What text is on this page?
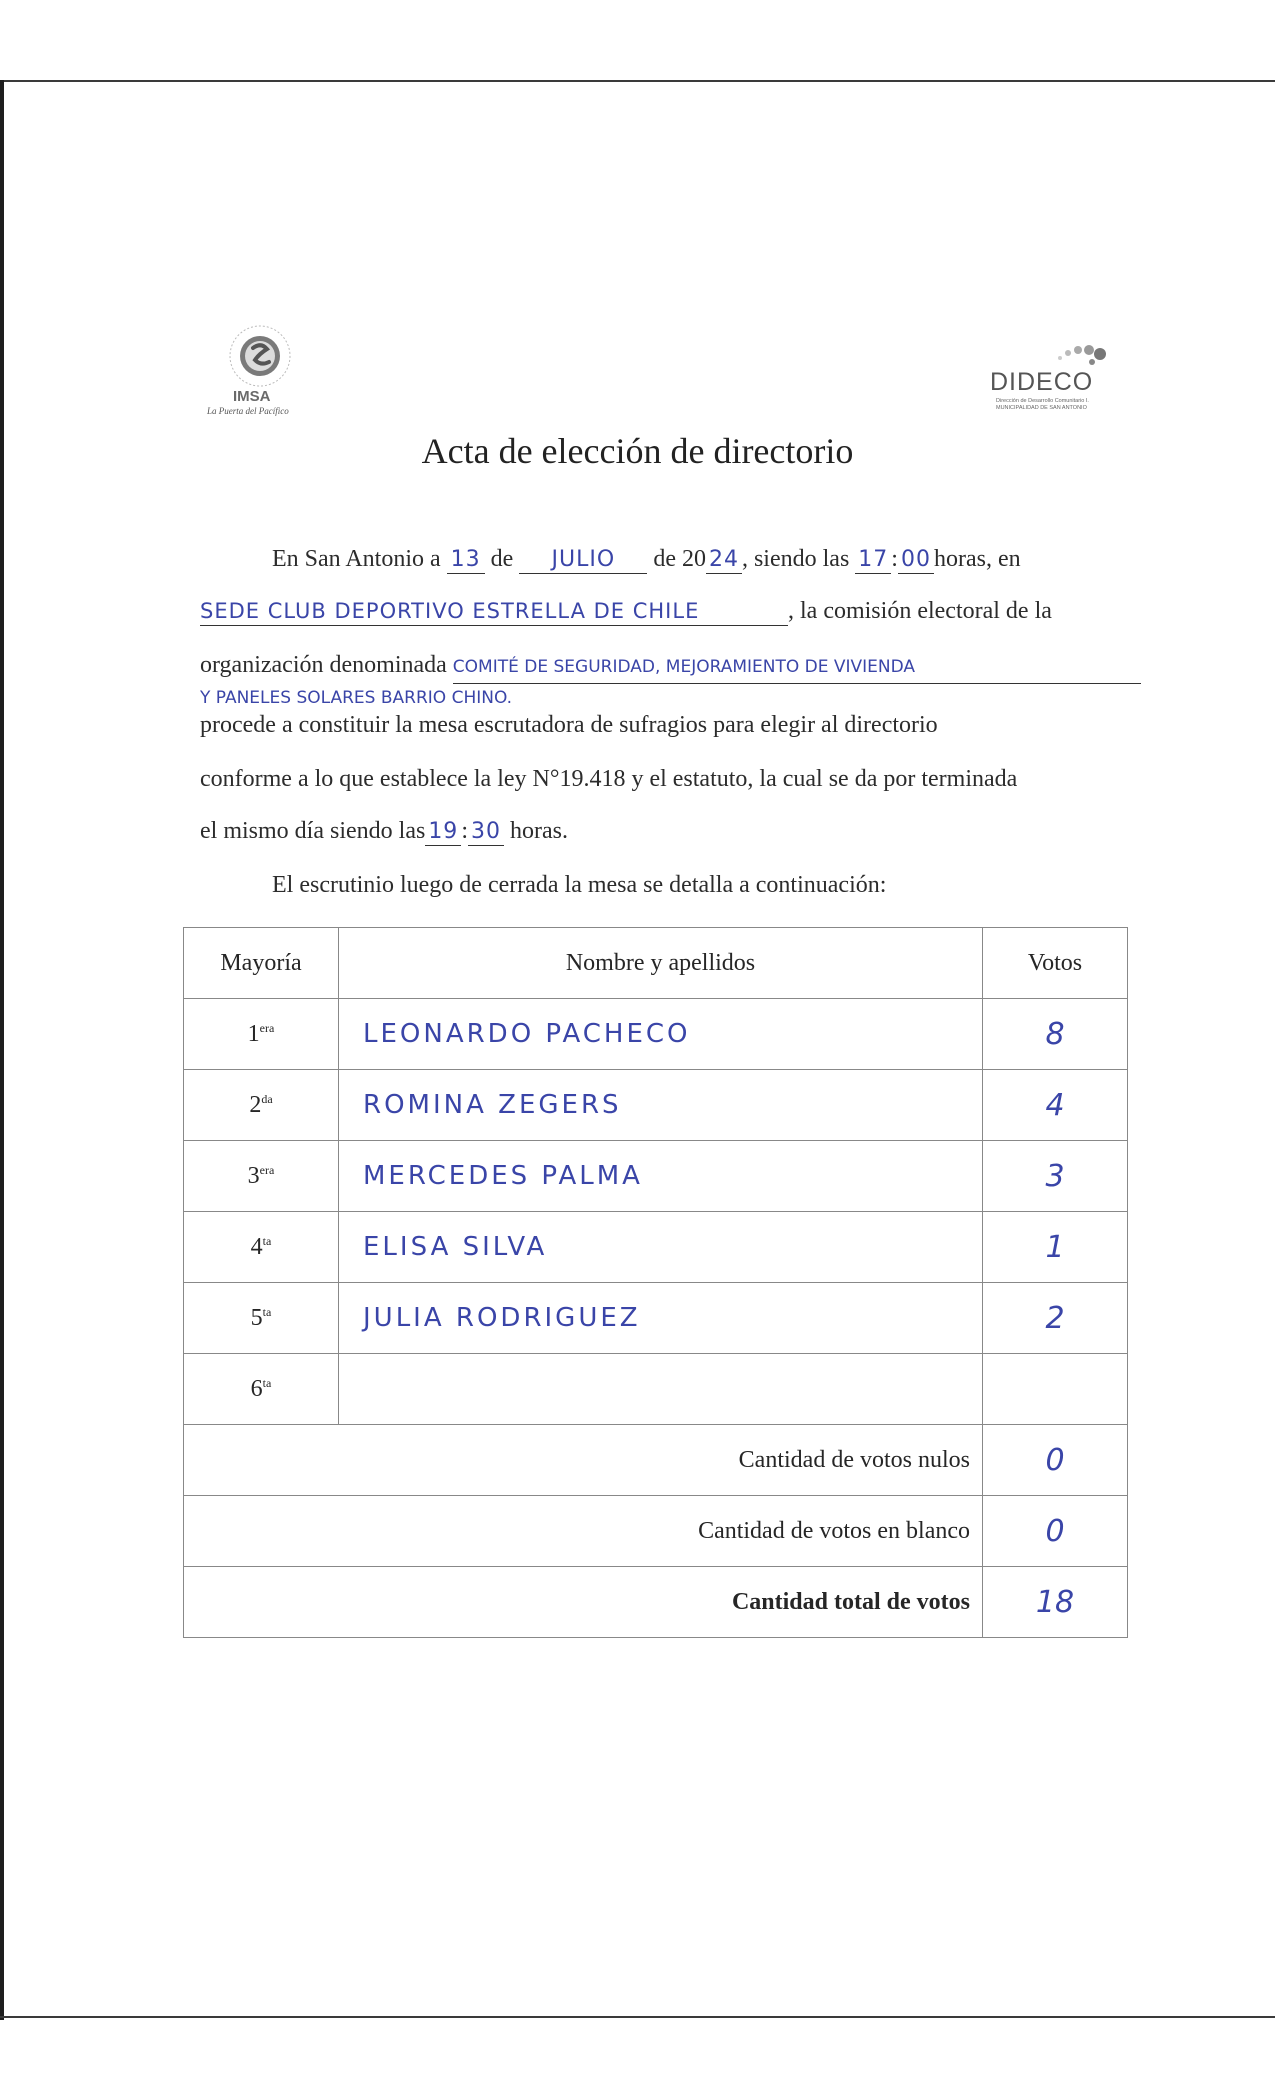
IMSA
La Puerta del Pacífico
DIDECO
Dirección de Desarrollo Comunitario I. MUNICIPALIDAD DE SAN ANTONIO
Acta de elección de directorio
En San Antonio a 13 de JULIO de 20 24 , siendo las 17 : 00 horas, en
SEDE CLUB DEPORTIVO ESTRELLA DE CHILE	, la comisión electoral de la
organización denominada COMITÉ DE SEGURIDAD, MEJORAMIENTO DE VIVIENDA
Y PANELES SOLARES BARRIO CHINO.
procede a constituir la mesa escrutadora de sufragios para elegir al directorio
conforme a lo que establece la ley N°19.418 y el estatuto, la cual se da por terminada
el mismo día siendo las 19 : 30 horas.
El escrutinio luego de cerrada la mesa se detalla a continuación:
Mayoría	Nombre y apellidos	Votos
$1^{era}$	LEONARDO PACHECO	8
$2^{da}$	ROMINA ZEGERS	4
$3^{era}$	MERCEDES PALMA	3
$4^{ta}$	ELISA SILVA	1
$5^{ta}$	JULIA RODRIGUEZ	2
$6^{ta}$		
Cantidad de votos nulos		0
Cantidad de votos en blanco		0
Cantidad total de votos		18
